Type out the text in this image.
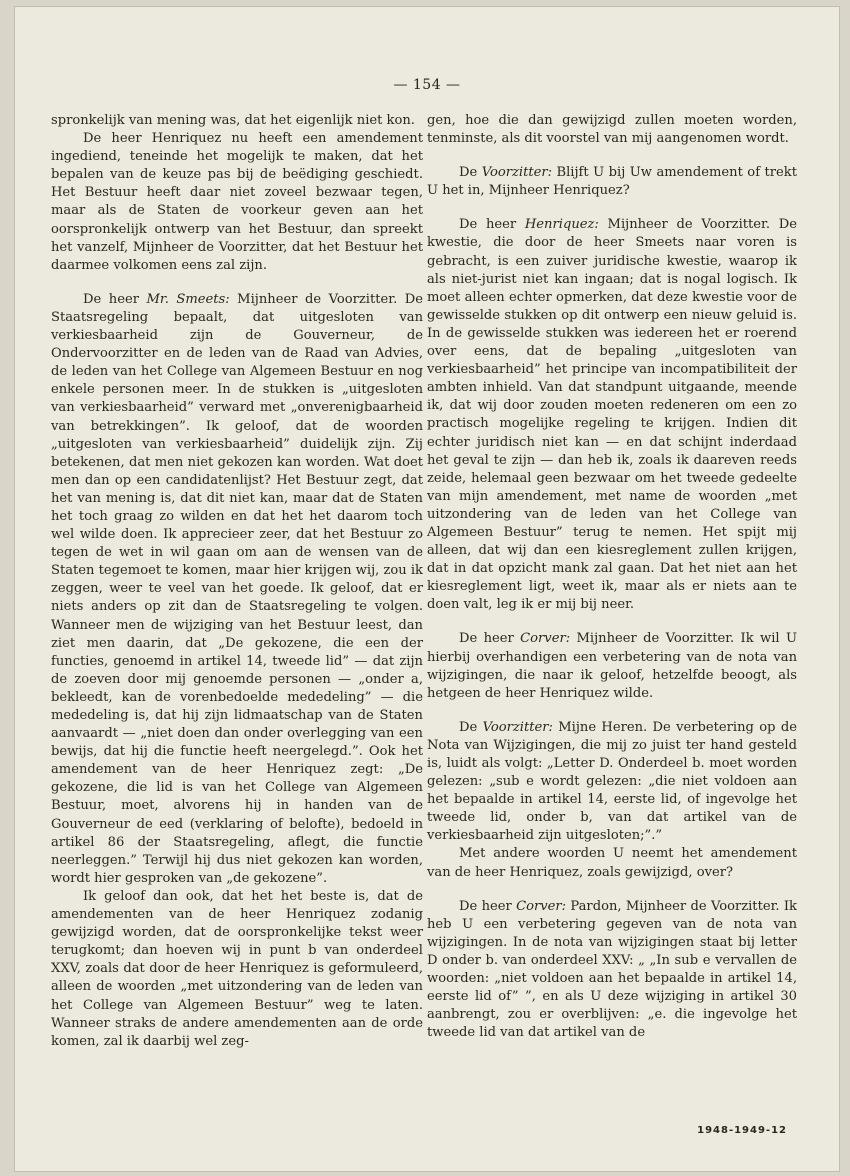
— 154 —

spronkelijk van mening was, dat het eigenlijk niet kon.

De heer Henriquez nu heeft een amendement ingediend, teneinde het mogelijk te maken, dat het bepalen van de keuze pas bij de beëdiging geschiedt. Het Bestuur heeft daar niet zoveel bezwaar tegen, maar als de Staten de voorkeur geven aan het oorspronkelijk ontwerp van het Bestuur, dan spreekt het vanzelf, Mijnheer de Voorzitter, dat het Bestuur het daarmee volkomen eens zal zijn.

De heer Mr. Smeets: Mijnheer de Voorzitter. De Staatsregeling bepaalt, dat uitgesloten van verkiesbaarheid zijn de Gouverneur, de Ondervoorzitter en de leden van de Raad van Advies, de leden van het College van Algemeen Bestuur en nog enkele personen meer. In de stukken is „uitgesloten van verkiesbaarheid” verward met „onverenigbaarheid van betrekkingen”. Ik geloof, dat de woorden „uitgesloten van verkiesbaarheid” duidelijk zijn. Zij betekenen, dat men niet gekozen kan worden. Wat doet men dan op een candidatenlijst? Het Bestuur zegt, dat het van mening is, dat dit niet kan, maar dat de Staten het toch graag zo wilden en dat het het daarom toch wel wilde doen. Ik apprecieer zeer, dat het Bestuur zo tegen de wet in wil gaan om aan de wensen van de Staten tegemoet te komen, maar hier krijgen wij, zou ik zeggen, weer te veel van het goede. Ik geloof, dat er niets anders op zit dan de Staatsregeling te volgen. Wanneer men de wijziging van het Bestuur leest, dan ziet men daarin, dat „De gekozene, die een der functies, genoemd in artikel 14, tweede lid” — dat zijn de zoeven door mij genoemde personen — „onder a, bekleedt, kan de vorenbedoelde mededeling” — die mededeling is, dat hij zijn lidmaatschap van de Staten aanvaardt — „niet doen dan onder overlegging van een bewijs, dat hij die functie heeft neergelegd.”. Ook het amendement van de heer Henriquez zegt: „De gekozene, die lid is van het College van Algemeen Bestuur, moet, alvorens hij in handen van de Gouverneur de eed (verklaring of belofte), bedoeld in artikel 86 der Staatsregeling, aflegt, die functie neerleggen.” Terwijl hij dus niet gekozen kan worden, wordt hier gesproken van „de gekozene”.

Ik geloof dan ook, dat het het beste is, dat de amendementen van de heer Henriquez zodanig gewijzigd worden, dat de oorspronkelijke tekst weer terugkomt; dan hoeven wij in punt b van onderdeel XXV, zoals dat door de heer Henriquez is geformuleerd, alleen de woorden „met uitzondering van de leden van het College van Algemeen Bestuur” weg te laten. Wanneer straks de andere amendementen aan de orde komen, zal ik daarbij wel zeg-

gen, hoe die dan gewijzigd zullen moeten worden, tenminste, als dit voorstel van mij aangenomen wordt.

De Voorzitter: Blijft U bij Uw amendement of trekt U het in, Mijnheer Henriquez?

De heer Henriquez: Mijnheer de Voorzitter. De kwestie, die door de heer Smeets naar voren is gebracht, is een zuiver juridische kwestie, waarop ik als niet-jurist niet kan ingaan; dat is nogal logisch. Ik moet alleen echter opmerken, dat deze kwestie voor de gewisselde stukken op dit ontwerp een nieuw geluid is. In de gewisselde stukken was iedereen het er roerend over eens, dat de bepaling „uitgesloten van verkiesbaarheid” het principe van incompatibiliteit der ambten inhield. Van dat standpunt uitgaande, meende ik, dat wij door zouden moeten redeneren om een zo practisch mogelijke regeling te krijgen. Indien dit echter juridisch niet kan — en dat schijnt inderdaad het geval te zijn — dan heb ik, zoals ik daareven reeds zeide, helemaal geen bezwaar om het tweede gedeelte van mijn amendement, met name de woorden „met uitzondering van de leden van het College van Algemeen Bestuur” terug te nemen. Het spijt mij alleen, dat wij dan een kiesreglement zullen krijgen, dat in dat opzicht mank zal gaan. Dat het niet aan het kiesreglement ligt, weet ik, maar als er niets aan te doen valt, leg ik er mij bij neer.

De heer Corver: Mijnheer de Voorzitter. Ik wil U hierbij overhandigen een verbetering van de nota van wijzigingen, die naar ik geloof, hetzelfde beoogt, als hetgeen de heer Henriquez wilde.

De Voorzitter: Mijne Heren. De verbetering op de Nota van Wijzigingen, die mij zo juist ter hand gesteld is, luidt als volgt: „Letter D. Onderdeel b. moet worden gelezen: „sub e wordt gelezen: „die niet voldoen aan het bepaalde in artikel 14, eerste lid, of ingevolge het tweede lid, onder b, van dat artikel van de verkiesbaarheid zijn uitgesloten;”.”

Met andere woorden U neemt het amendement van de heer Henriquez, zoals gewijzigd, over?

De heer Corver: Pardon, Mijnheer de Voorzitter. Ik heb U een verbetering gegeven van de nota van wijzigingen. In de nota van wijzigingen staat bij letter D onder b. van onderdeel XXV: „ „In sub e vervallen de woorden: „niet voldoen aan het bepaalde in artikel 14, eerste lid of” ”, en als U deze wijziging in artikel 30 aanbrengt, zou er overblijven: „e. die ingevolge het tweede lid van dat artikel van de

1948-1949-12
